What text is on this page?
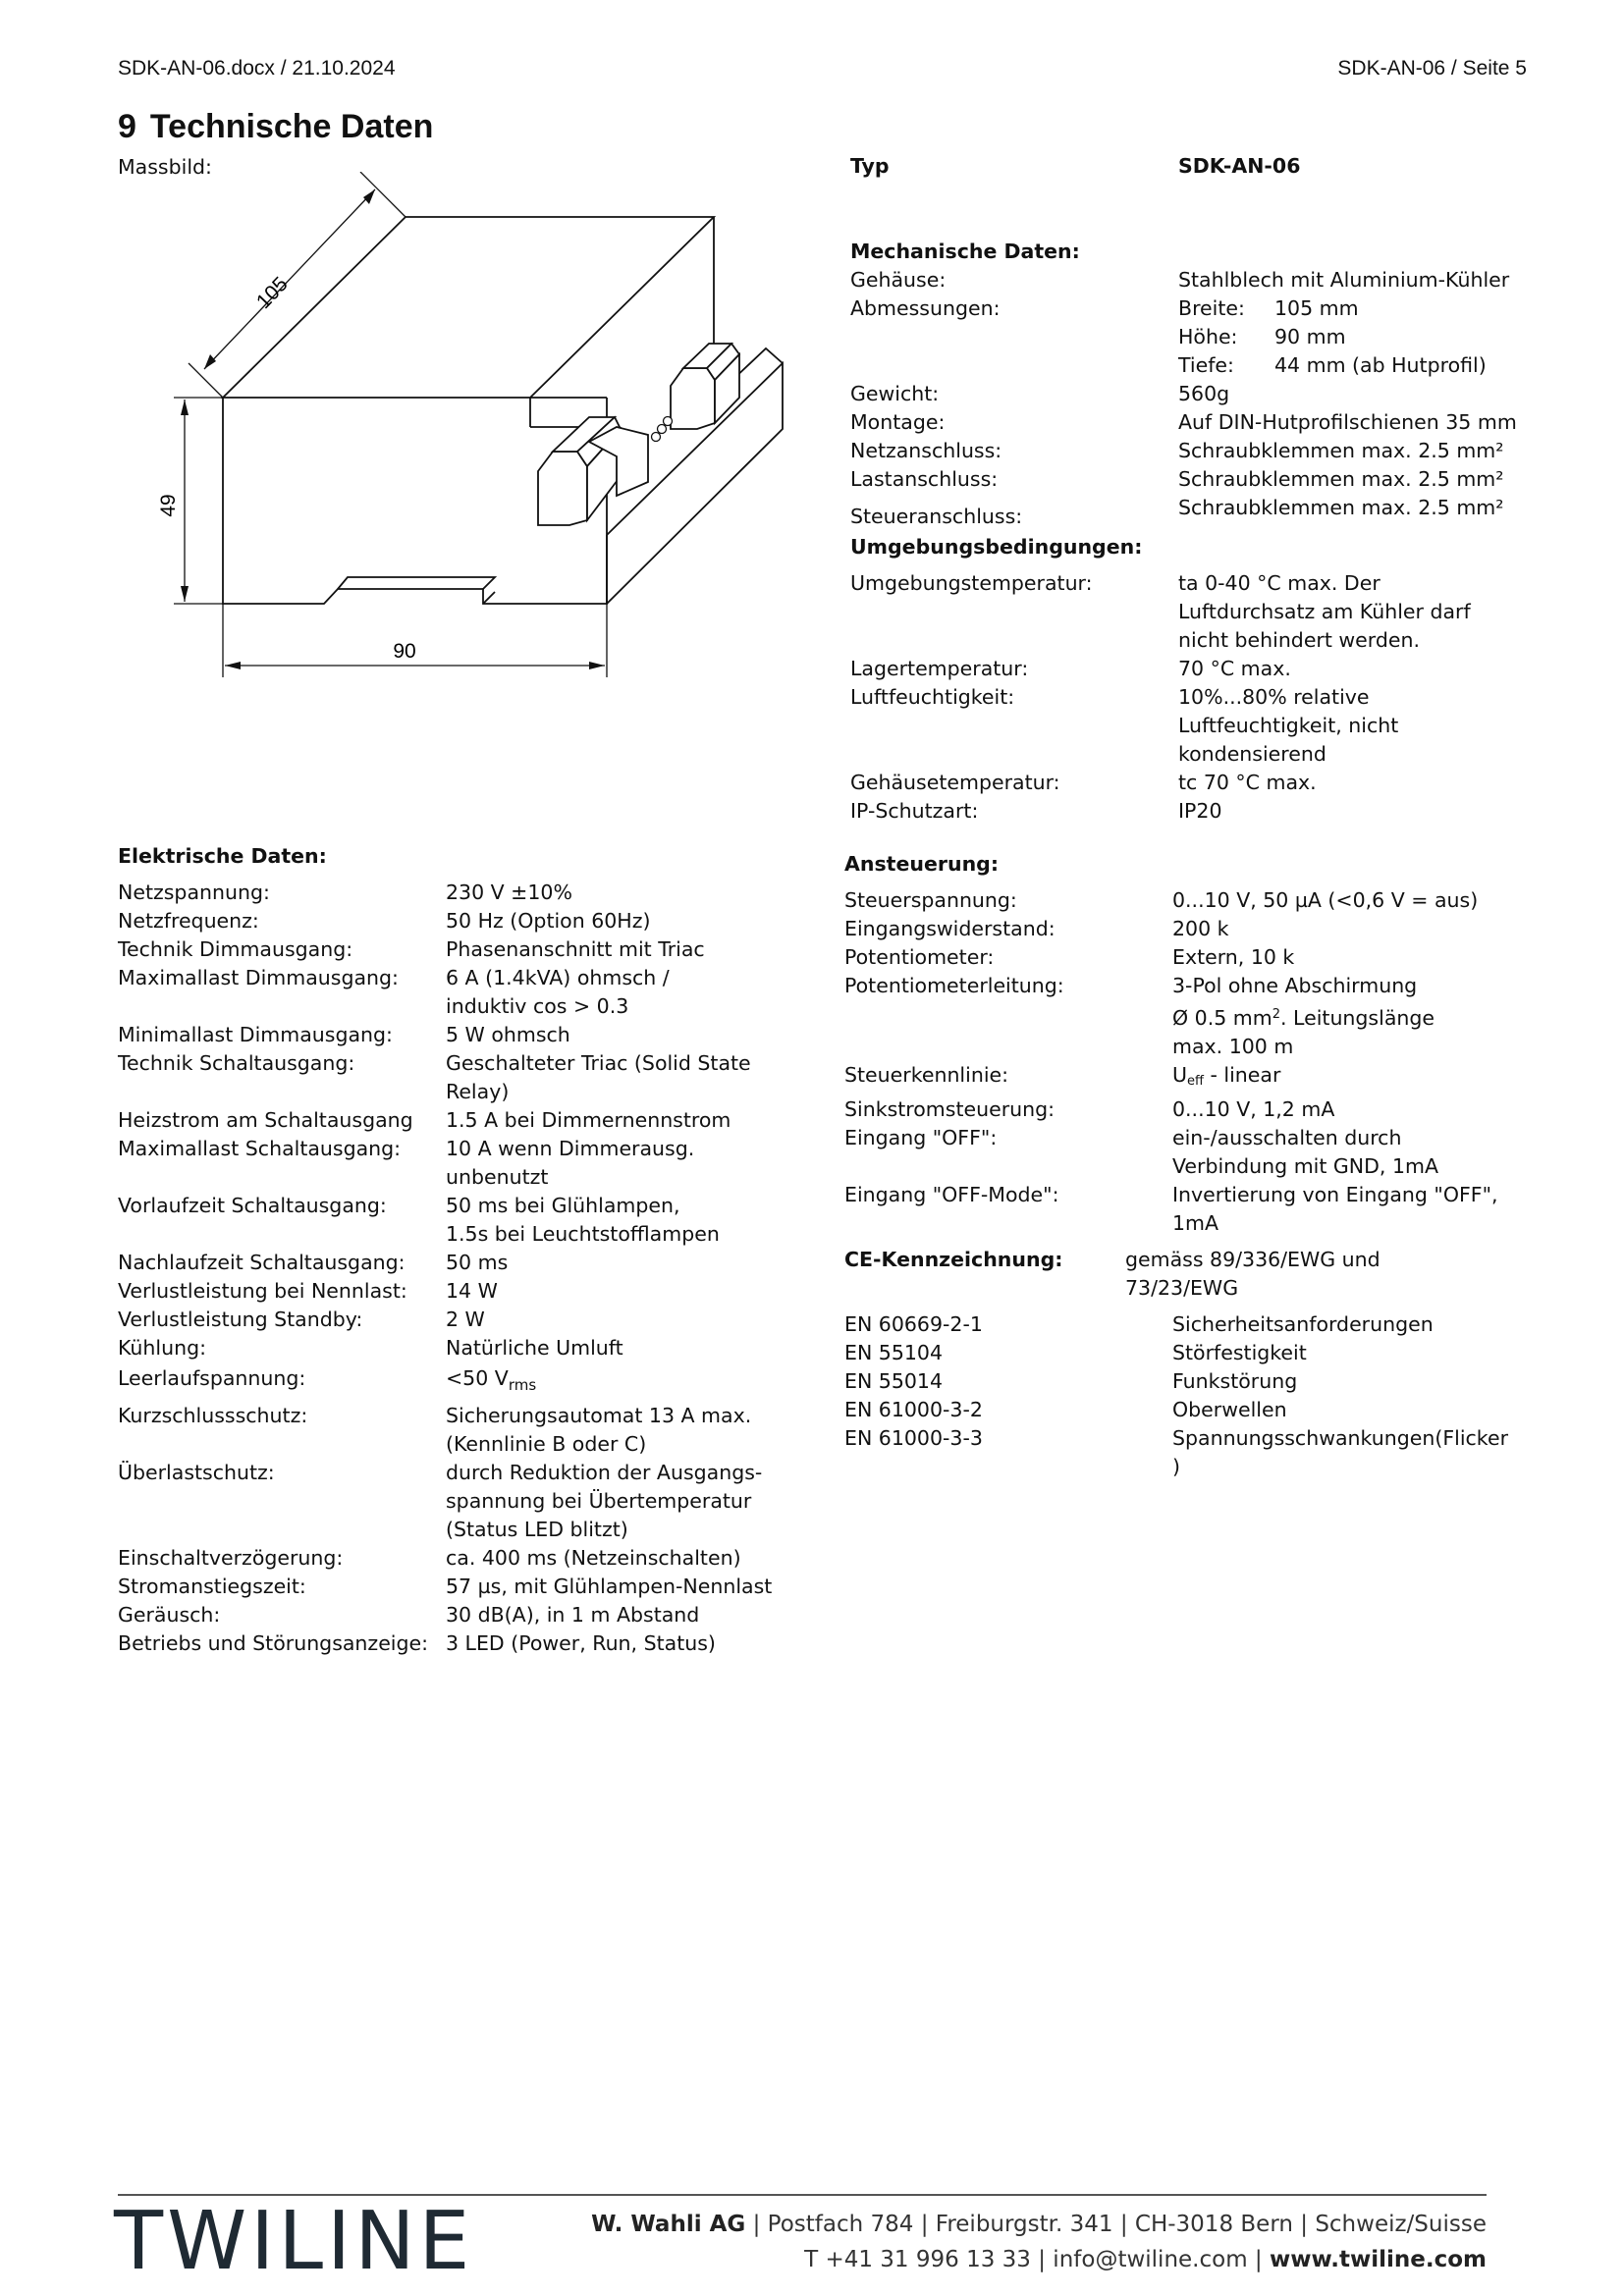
SDK-AN-06.docx / 21.10.2024	SDK-AN-06 / Seite 5
9 Technische Daten
Massbild:
105
49
90
Elektrische Daten:
Netzspannung:	230 V ±10%
Netzfrequenz:	50 Hz (Option 60Hz)
Technik Dimmausgang:	Phasenanschnitt mit Triac
Maximallast Dimmausgang:	6 A (1.4kVA) ohmsch /
induktiv cos > 0.3
Minimallast Dimmausgang:	5 W ohmsch
Technik Schaltausgang:	Geschalteter Triac (Solid State
Relay)
Heizstrom am Schaltausgang	1.5 A bei Dimmernennstrom
Maximallast Schaltausgang:	10 A wenn Dimmerausg.
unbenutzt
Vorlaufzeit Schaltausgang:	50 ms bei Glühlampen,
1.5s bei Leuchtstofflampen
Nachlaufzeit Schaltausgang:	50 ms
Verlustleistung bei Nennlast:	14 W
Verlustleistung Standby:	2 W
Kühlung:	Natürliche Umluft
Leerlaufspannung:	<50 $V_{rms}$
Kurzschlussschutz:	Sicherungsautomat 13 A max.
(Kennlinie B oder C)
Überlastschutz:	durch Reduktion der Ausgangs-
spannung bei Übertemperatur
(Status LED blitzt)
Einschaltverzögerung:	ca. 400 ms (Netzeinschalten)
Stromanstiegszeit:	57 µs, mit Glühlampen-Nennlast
Geräusch:	30 dB(A), in 1 m Abstand
Betriebs und Störungsanzeige: 3 LED (Power, Run, Status)
Typ	SDK-AN-06
Mechanische Daten:
Gehäuse:	Stahlblech mit Aluminium-Kühler
Abmessungen:	Breite: 105 mm
Höhe: 90 mm
Tiefe: 44 mm (ab Hutprofil)
Gewicht:	560g
Montage:	Auf DIN-Hutprofilschienen 35 mm
Netzanschluss:	Schraubklemmen max. 2.5 mm²
Lastanschluss:	Schraubklemmen max. 2.5 mm²
Steueranschluss:	Schraubklemmen max. 2.5 mm²
Umgebungsbedingungen:
Umgebungstemperatur:	ta 0-40 °C max. Der
Luftdurchsatz am Kühler darf
nicht behindert werden.
Lagertemperatur:	70 °C max.
Luftfeuchtigkeit:	10%...80% relative
Luftfeuchtigkeit, nicht
kondensierend
Gehäusetemperatur:	tc 70 °C max.
IP-Schutzart:	IP20
Ansteuerung:
Steuerspannung:	0...10 V, 50 µA (<0,6 V = aus)
Eingangswiderstand:	200 k
Potentiometer:	Extern, 10 k
Potentiometerleitung:	3-Pol ohne Abschirmung
Ø 0.5 $mm^2$. Leitungslänge
max. 100 m
Steuerkennlinie:	$U_{eff}$ - linear
Sinkstromsteuerung:	0...10 V, 1,2 mA
Eingang "OFF":	ein-/ausschalten durch
Verbindung mit GND, 1mA
Eingang "OFF-Mode":	Invertierung von Eingang "OFF",
1mA
CE-Kennzeichnung:	gemäss 89/336/EWG und 73/23/EWG
EN 60669-2-1	Sicherheitsanforderungen
EN 55104	Störfestigkeit
EN 55014	Funkstörung
EN 61000-3-2	Oberwellen
EN 61000-3-3	Spannungsschwankungen(Flicker
)
TWILINE	W. Wahli AG | Postfach 784 | Freiburgstr. 341 | CH-3018 Bern | Schweiz/Suisse
T +41 31 996 13 33 | info@twiline.com | www.twiline.com
